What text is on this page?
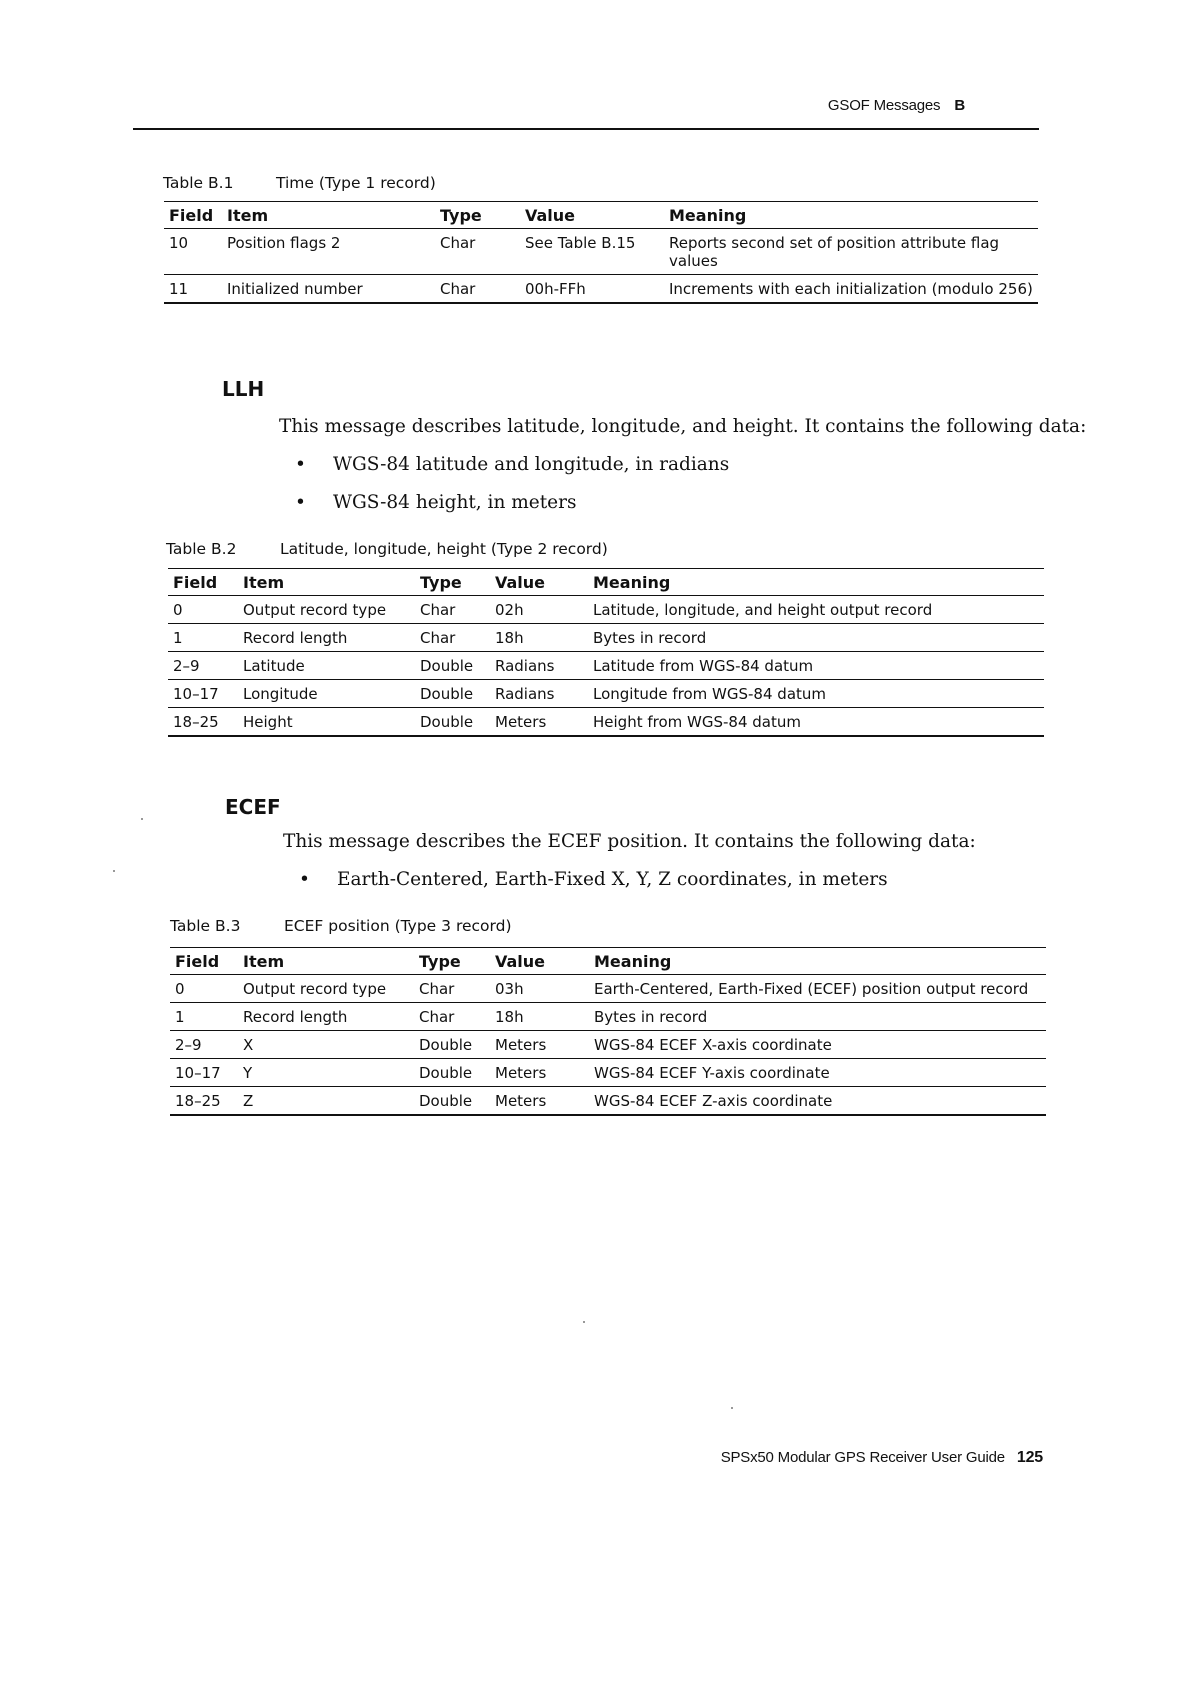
GSOF Messages B
Table B.1	Time (Type 1 record)
Field	Item	Type	Value	Meaning
10	Position flags 2	Char	See Table B.15	Reports second set of position attribute flag values
11	Initialized number	Char	00h-FFh	Increments with each initialization (modulo 256)
LLH
This message describes latitude, longitude, and height. It contains the following data:
• WGS-84 latitude and longitude, in radians
• WGS-84 height, in meters
Table B.2	Latitude, longitude, height (Type 2 record)
Field	Item	Type	Value	Meaning
0	Output record type	Char	02h	Latitude, longitude, and height output record
1	Record length	Char	18h	Bytes in record
2–9	Latitude	Double	Radians	Latitude from WGS-84 datum
10–17	Longitude	Double	Radians	Longitude from WGS-84 datum
18–25	Height	Double	Meters	Height from WGS-84 datum
ECEF
This message describes the ECEF position. It contains the following data:
• Earth-Centered, Earth-Fixed X, Y, Z coordinates, in meters
Table B.3	ECEF position (Type 3 record)
Field	Item	Type	Value	Meaning
0	Output record type	Char	03h	Earth-Centered, Earth-Fixed (ECEF) position output record
1	Record length	Char	18h	Bytes in record
2–9	X	Double	Meters	WGS-84 ECEF X-axis coordinate
10–17	Y	Double	Meters	WGS-84 ECEF Y-axis coordinate
18–25	Z	Double	Meters	WGS-84 ECEF Z-axis coordinate
SPSx50 Modular GPS Receiver User Guide 125
